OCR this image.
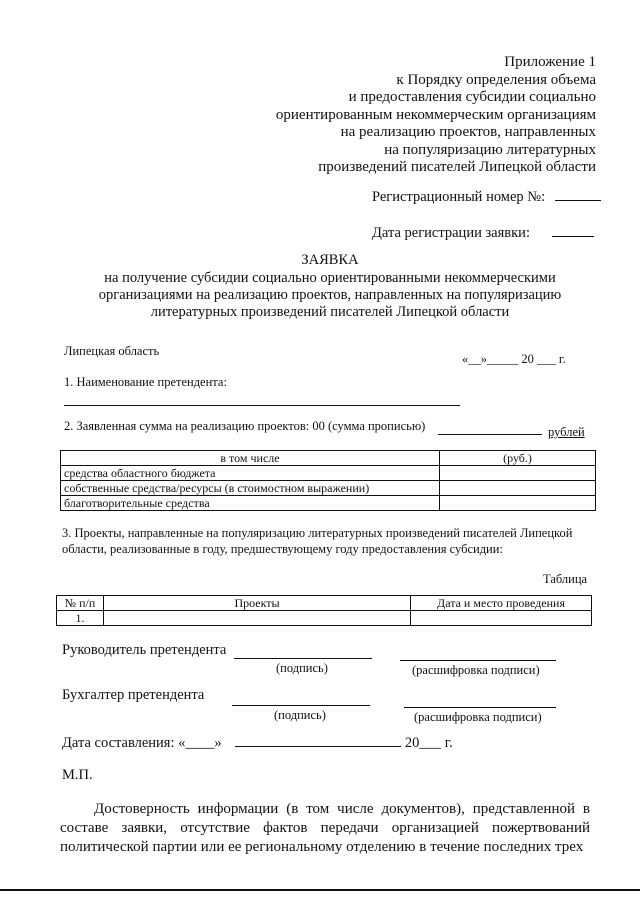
Приложение 1
к Порядку определения объема
и предоставления субсидии социально
ориентированным некоммерческим организациям
на реализацию проектов, направленных
на популяризацию литературных
произведений писателей Липецкой области
Регистрационный номер №:
Дата регистрации заявки:
ЗАЯВКА
на получение субсидии социально ориентированными некоммерческими
организациями на реализацию проектов, направленных на популяризацию
литературных произведений писателей Липецкой области
Липецкая область
«__»_____ 20 ___ г.
1. Наименование претендента:
2. Заявленная сумма на реализацию проектов: 00 (сумма прописью)	рублей
в том числе	(руб.)
средства областного бюджета	
собственные средства/ресурсы (в стоимостном выражении)	
благотворительные средства	
3. Проекты, направленные на популяризацию литературных произведений писателей Липецкой
области, реализованные в году, предшествующему году предоставления субсидии:
Таблица
№ п/п	Проекты	Дата и место проведения
1.		
Руководитель претендента
(подпись)	(расшифровка подписи)
Бухгалтер претендента
(подпись)	(расшифровка подписи)
Дата составления: «____»	20___ г.
М.П.
Достоверность информации (в том числе документов), представленной в составе заявки, отсутствие фактов передачи организацией пожертвований политической партии или ее региональному отделению в течение последних трех
